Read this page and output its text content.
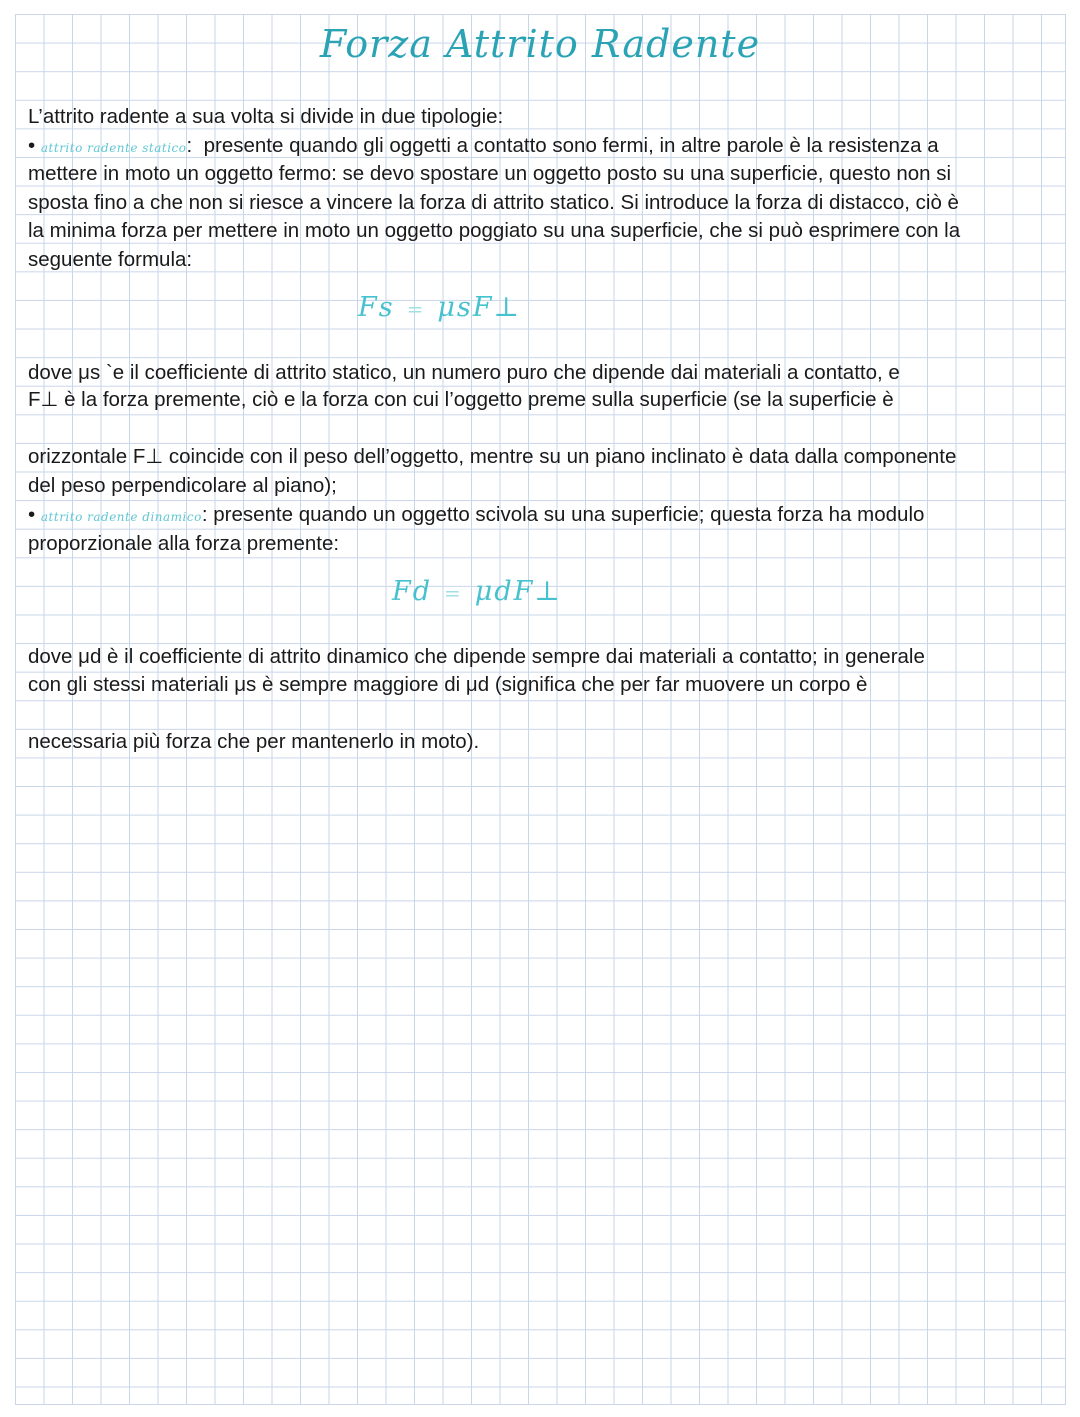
Forza Attrito Radente

L’attrito radente a sua volta si divide in due tipologie:

• attrito radente statico: presente quando gli oggetti a contatto sono fermi, in altre parole è la resistenza a

mettere in moto un oggetto fermo: se devo spostare un oggetto posto su una superficie, questo non si

sposta fino a che non si riesce a vincere la forza di attrito statico. Si introduce la forza di distacco, ciò è

la minima forza per mettere in moto un oggetto poggiato su una superficie, che si può esprimere con la

seguente formula:

Fs = μsF⊥

dove μs `e il coefficiente di attrito statico, un numero puro che dipende dai materiali a contatto, e

F⊥ è la forza premente, ciò e la forza con cui l’oggetto preme sulla superficie (se la superficie è

orizzontale F⊥ coincide con il peso dell’oggetto, mentre su un piano inclinato è data dalla componente

del peso perpendicolare al piano);

• attrito radente dinamico: presente quando un oggetto scivola su una superficie; questa forza ha modulo

proporzionale alla forza premente:

Fd = μdF⊥

dove μd è il coefficiente di attrito dinamico che dipende sempre dai materiali a contatto; in generale

con gli stessi materiali μs è sempre maggiore di μd (significa che per far muovere un corpo è

necessaria più forza che per mantenerlo in moto).
